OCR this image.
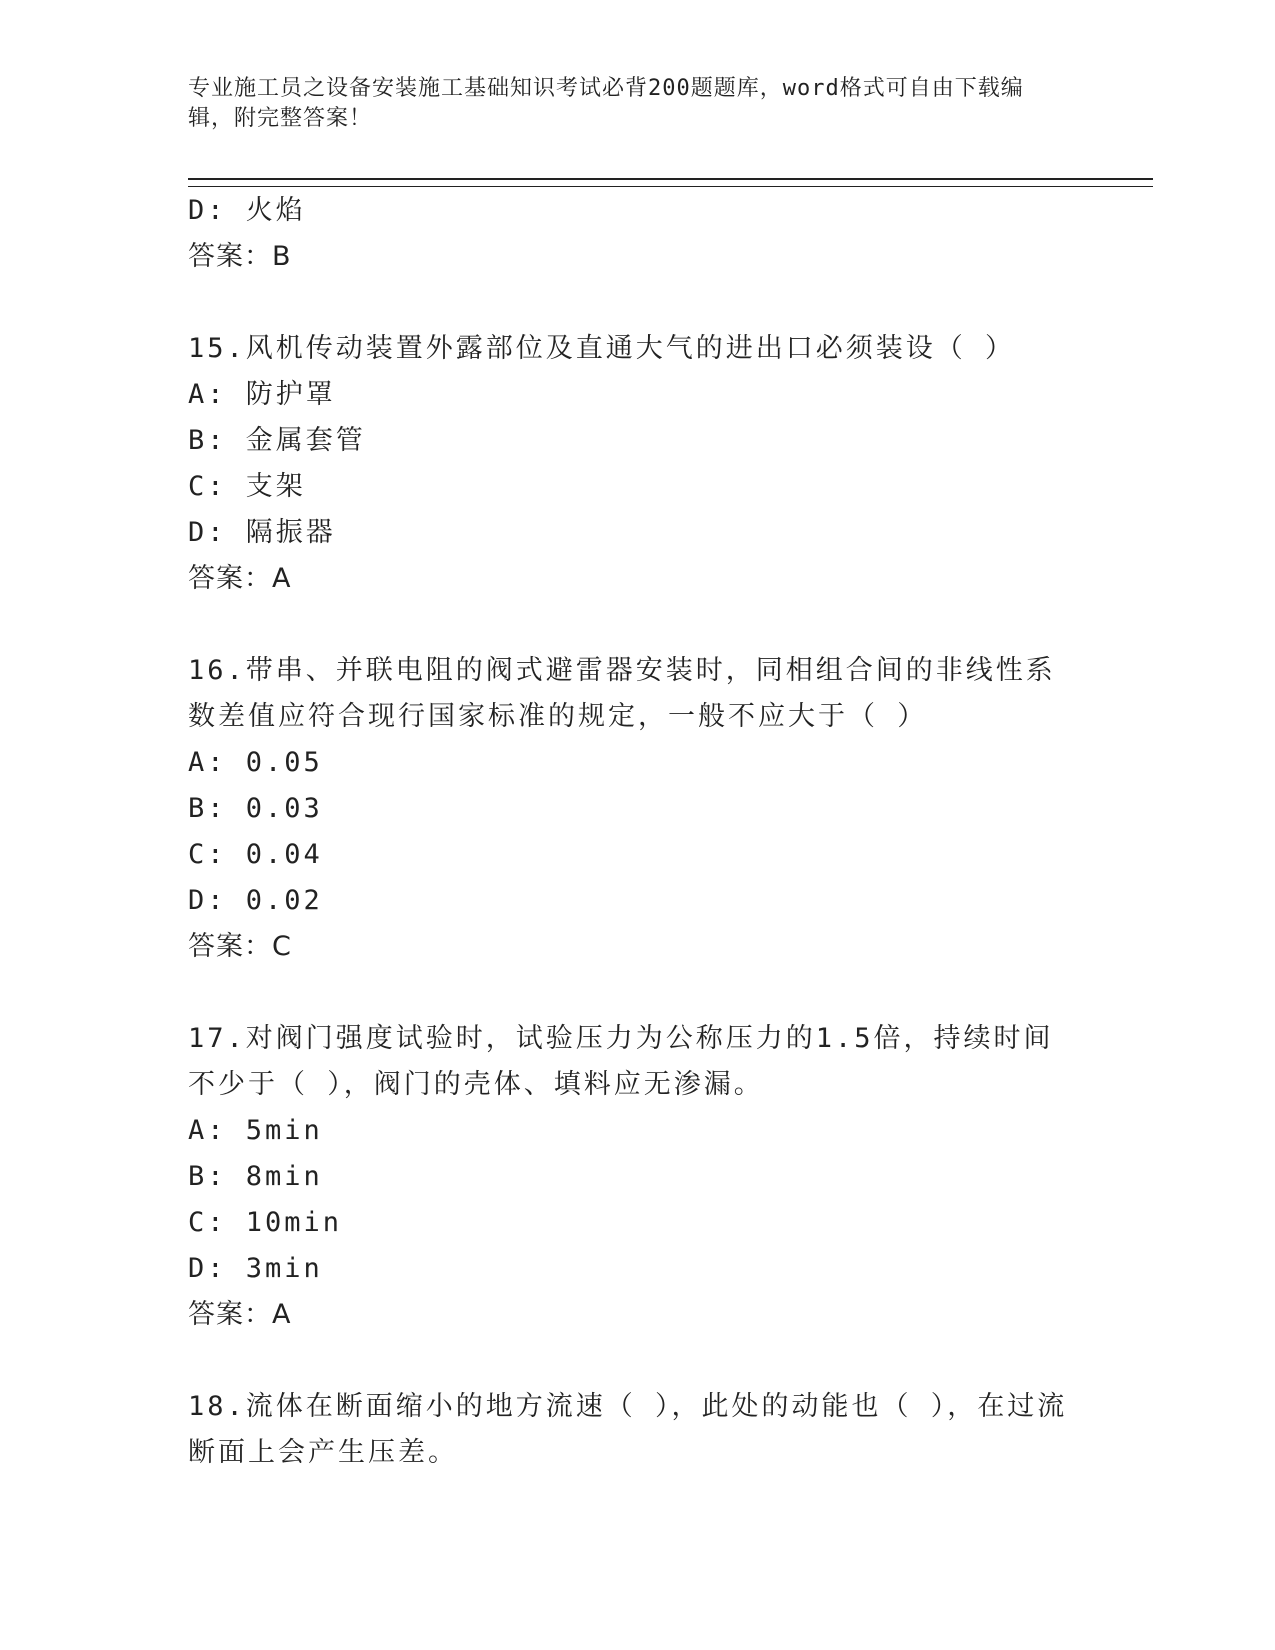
专业施工员之设备安装施工基础知识考试必背200题题库，word格式可自由下载编辑，附完整答案！
D: 火焰
答案：B
15.风机传动装置外露部位及直通大气的进出口必须装设（ ）
A: 防护罩
B: 金属套管
C: 支架
D: 隔振器
答案：A
16.带串、并联电阻的阀式避雷器安装时，同相组合间的非线性系数差值应符合现行国家标准的规定，一般不应大于（ ）
A: 0.05
B: 0.03
C: 0.04
D: 0.02
答案：C
17.对阀门强度试验时，试验压力为公称压力的1.5倍，持续时间不少于（ ），阀门的壳体、填料应无渗漏。
A: 5min
B: 8min
C: 10min
D: 3min
答案：A
18.流体在断面缩小的地方流速（ ），此处的动能也（ ），在过流断面上会产生压差。
